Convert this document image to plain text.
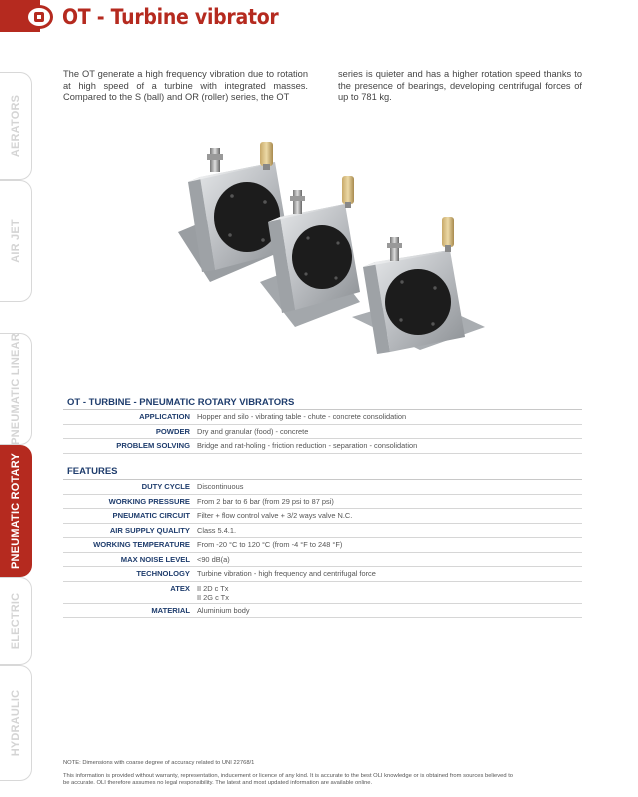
OT - Turbine vibrator
AERATORS
AIR JET
PNEUMATIC LINEAR
PNEUMATIC ROTARY
ELECTRIC
HYDRAULIC

The OT generate a high frequency vibration due to rotation at high speed of a turbine with integrated masses. Compared to the S (ball) and OR (roller) series, the OT

series is quieter and has a higher rotation speed thanks to the presence of bearings, developing centrifugal forces of up to 781 kg.

OT - TURBINE - PNEUMATIC ROTARY VIBRATORS
APPLICATION Hopper and silo - vibrating table - chute - concrete consolidation
POWDER Dry and granular (food) - concrete
PROBLEM SOLVING Bridge and rat-holing - friction reduction - separation - consolidation
FEATURES
DUTY CYCLE Discontinuous
WORKING PRESSURE From 2 bar to 6 bar (from 29 psi to 87 psi)
PNEUMATIC CIRCUIT Filter + flow control valve + 3/2 ways valve N.C.
AIR SUPPLY QUALITY Class 5.4.1.
WORKING TEMPERATURE From -20 °C to 120 °C (from -4 °F to 248 °F)
MAX NOISE LEVEL <90 dB(a)
TECHNOLOGY Turbine vibration - high frequency and centrifugal force
ATEX II 2D c Tx
II 2G c Tx
MATERIAL Aluminium body
NOTE: Dimensions with coarse degree of accuracy related to UNI 22768/1
This information is provided without warranty, representation, inducement or licence of any kind. It is accurate to the best OLI knowledge or is obtained from sources believed to
be accurate. OLI therefore assumes no legal responsibility. The latest and most updated information are available online.
